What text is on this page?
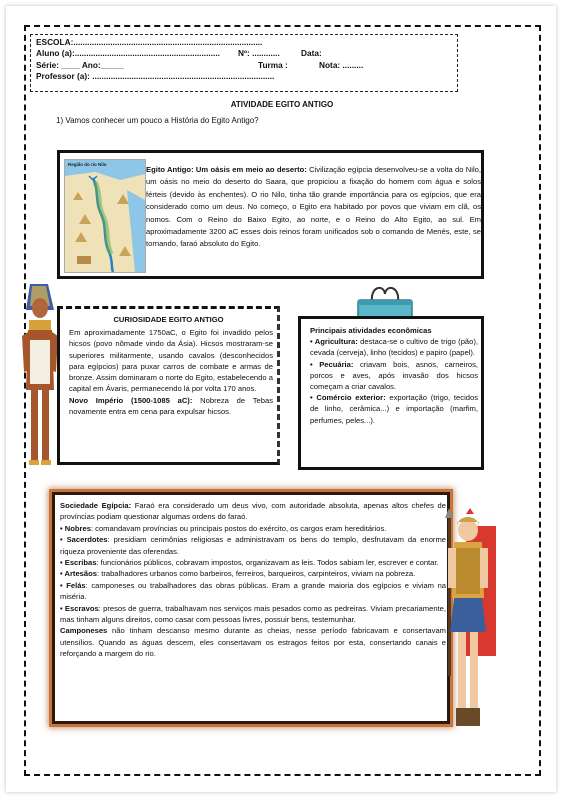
ESCOLA:..................................................................................
Aluno (a):............................................................... Nº: ............	Data:
Série: ____ Ano:_____	Turma :	Nota: .........
Professor (a): ...............................................................................
ATIVIDADE EGITO ANTIGO
1) Vamos conhecer um pouco a História do Egito Antigo?
Região do rio Nilo
Egito Antigo: Um oásis em meio ao deserto: Civilização egípcia desenvolveu-se a volta do Nilo, um oásis no meio do deserto do Saara, que propiciou a fixação do homem com água e solos férteis (devido às enchentes). O rio Nilo, tinha tão grande importância para os egípcios, que era considerado como um deus. No começo, o Egito era habitado por povos que viviam em clã, os nomos. Com o Reino do Baixo Egito, ao norte, e o Reino do Alto Egito, ao sul. Em aproximadamente 3200 aC esses dois reinos foram unificados sob o comando de Menés, este, se tornando, faraó absoluto do Egito.
CURIOSIDADE EGITO ANTIGO
Em aproximadamente 1750aC, o Egito foi invadido pelos hicsos (povo nômade vindo da Ásia). Hicsos mostraram-se superiores militarmente, usando cavalos (desconhecidos para egípcios) para puxar carros de combate e armas de bronze. Assim dominaram o norte do Egito, estabelecendo a capital em Ávaris, permanecendo lá por volta 170 anos.
Novo Império (1500-1085 aC): Nobreza de Tebas novamente entra em cena para expulsar hicsos.

Principais atividades econômicas

• Agricultura: destaca-se o cultivo de trigo (pão), cevada (cerveja), linho (tecidos) e papiro (papel).

• Pecuária: criavam bois, asnos, carneiros, porcos e aves, após invasão dos hicsos começam a criar cavalos.

• Comércio exterior: exportação (trigo, tecidos de linho, cerâmica...) e importação (marfim, perfumes, peles...).

Sociedade Egípcia: Faraó era considerado um deus vivo, com autoridade absoluta, apenas altos chefes de províncias podiam questionar algumas ordens do faraó.

• Nobres: comandavam províncias ou principais postos do exército, os cargos eram hereditários.

• Sacerdotes: presidiam cerimônias religiosas e administravam os bens do templo, desfrutavam da enorme riqueza proveniente das oferendas.

• Escribas: funcionários públicos, cobravam impostos, organizavam as leis. Todos sabiam ler, escrever e contar.

• Artesãos: trabalhadores urbanos como barbeiros, ferreiros, barqueiros, carpinteiros, viviam na pobreza.

• Felás: camponeses ou trabalhadores das obras públicas. Eram a grande maioria dos egípcios e viviam na miséria.

• Escravos: presos de guerra, trabalhavam nos serviços mais pesados como as pedreiras. Viviam precariamente, mas tinham alguns direitos, como casar com pessoas livres, possuir bens, testemunhar.

Camponeses não tinham descanso mesmo durante as cheias, nesse período fabricavam e consertavam utensílios. Quando as águas descem, eles consertavam os estragos feitos por esta, consertando canais e reforçando a margem do rio.
